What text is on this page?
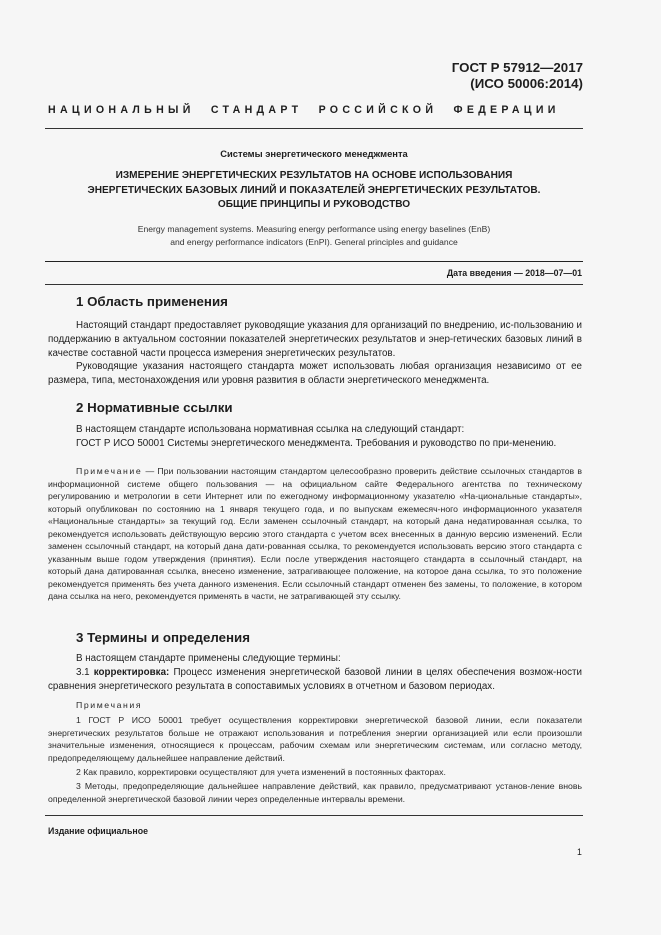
ГОСТ Р 57912—2017
(ИСО 50006:2014)
НАЦИОНАЛЬНЫЙ СТАНДАРТ РОССИЙСКОЙ ФЕДЕРАЦИИ
Системы энергетического менеджмента
ИЗМЕРЕНИЕ ЭНЕРГЕТИЧЕСКИХ РЕЗУЛЬТАТОВ НА ОСНОВЕ ИСПОЛЬЗОВАНИЯ
ЭНЕРГЕТИЧЕСКИХ БАЗОВЫХ ЛИНИЙ И ПОКАЗАТЕЛЕЙ ЭНЕРГЕТИЧЕСКИХ РЕЗУЛЬТАТОВ.
ОБЩИЕ ПРИНЦИПЫ И РУКОВОДСТВО
Energy management systems. Measuring energy performance using energy baselines (EnB)
and energy performance indicators (EnPI). General principles and guidance
Дата введения — 2018—07—01
1 Область применения
Настоящий стандарт предоставляет руководящие указания для организаций по внедрению, ис-пользованию и поддержанию в актуальном состоянии показателей энергетических результатов и энер-гетических базовых линий в качестве составной части процесса измерения энергетических результатов.
Руководящие указания настоящего стандарта может использовать любая организация независимо от ее размера, типа, местонахождения или уровня развития в области энергетического менеджмента.
2 Нормативные ссылки
В настоящем стандарте использована нормативная ссылка на следующий стандарт:
ГОСТ Р ИСО 50001 Системы энергетического менеджмента. Требования и руководство по при-менению.
Примечание — При пользовании настоящим стандартом целесообразно проверить действие ссылочных стандартов в информационной системе общего пользования — на официальном сайте Федерального агентства по техническому регулированию и метрологии в сети Интернет или по ежегодному информационному указателю «На-циональные стандарты», который опубликован по состоянию на 1 января текущего года, и по выпускам ежемесяч-ного информационного указателя «Национальные стандарты» за текущий год. Если заменен ссылочный стандарт, на который дана недатированная ссылка, то рекомендуется использовать действующую версию этого стандарта с учетом всех внесенных в данную версию изменений. Если заменен ссылочный стандарт, на который дана дати-рованная ссылка, то рекомендуется использовать версию этого стандарта с указанным выше годом утверждения (принятия). Если после утверждения настоящего стандарта в ссылочный стандарт, на который дана датированная ссылка, внесено изменение, затрагивающее положение, на которое дана ссылка, то это положение рекомендуется применять без учета данного изменения. Если ссылочный стандарт отменен без замены, то положение, в котором дана ссылка на него, рекомендуется применять в части, не затрагивающей эту ссылку.
3 Термины и определения
В настоящем стандарте применены следующие термины:
3.1 корректировка: Процесс изменения энергетической базовой линии в целях обеспечения возмож-ности сравнения энергетического результата в сопоставимых условиях в отчетном и базовом периодах.
Примечания
1 ГОСТ Р ИСО 50001 требует осуществления корректировки энергетической базовой линии, если показатели энергетических результатов больше не отражают использования и потребления энергии организацией или если произошли значительные изменения, относящиеся к процессам, рабочим схемам или энергетическим системам, или согласно методу, предопределяющему дальнейшее направление действий.
2 Как правило, корректировки осуществляют для учета изменений в постоянных факторах.
3 Методы, предопределяющие дальнейшее направление действий, как правило, предусматривают установ-ление вновь определенной энергетической базовой линии через определенные интервалы времени.
Издание официальное
1
